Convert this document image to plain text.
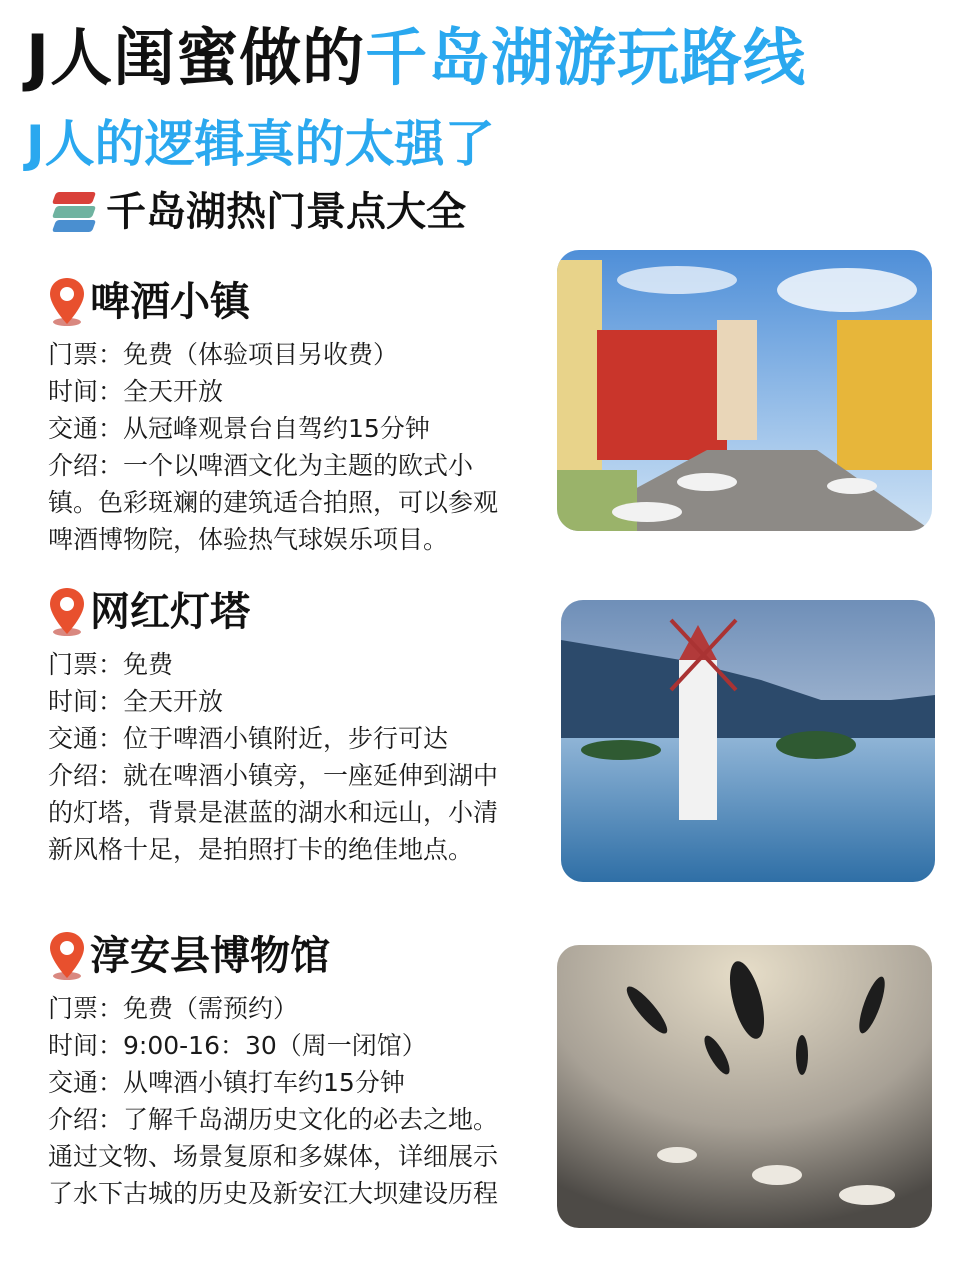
J人闺蜜做的千岛湖游玩路线
J人的逻辑真的太强了
千岛湖热门景点大全
啤酒小镇
门票：免费（体验项目另收费）
时间：全天开放
交通：从冠峰观景台自驾约15分钟
介绍：一个以啤酒文化为主题的欧式小
镇。色彩斑斓的建筑适合拍照，可以参观
啤酒博物院，体验热气球娱乐项目。
网红灯塔
门票：免费
时间：全天开放
交通：位于啤酒小镇附近，步行可达
介绍：就在啤酒小镇旁，一座延伸到湖中
的灯塔，背景是湛蓝的湖水和远山，小清
新风格十足，是拍照打卡的绝佳地点。
淳安县博物馆
门票：免费（需预约）
时间：9:00-16：30（周一闭馆）
交通：从啤酒小镇打车约15分钟
介绍：了解千岛湖历史文化的必去之地。
通过文物、场景复原和多媒体，详细展示
了水下古城的历史及新安江大坝建设历程
